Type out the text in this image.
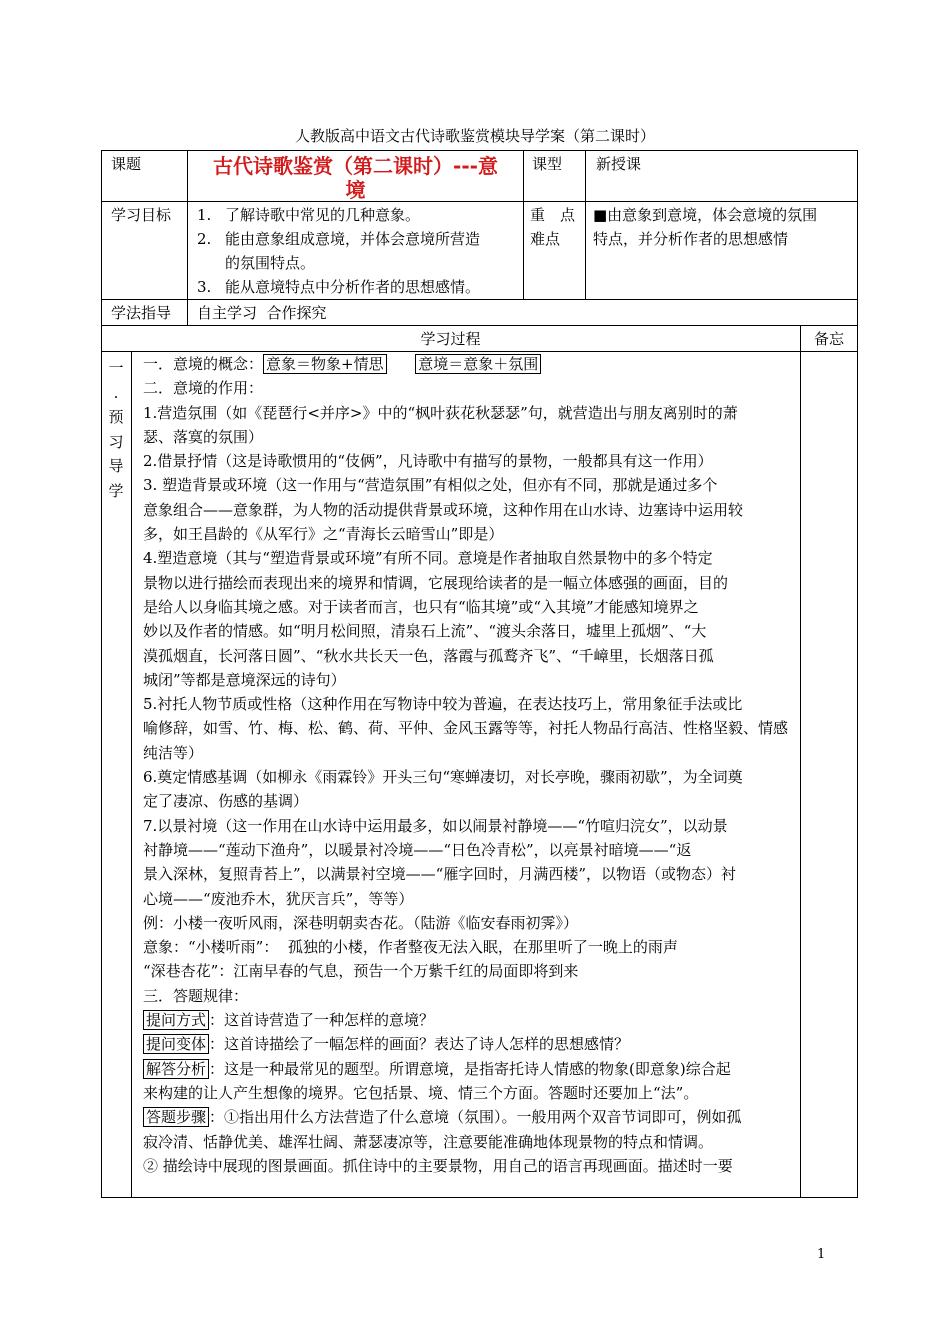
人教版高中语文古代诗歌鉴赏模块导学案（第二课时）
课题	古代诗歌鉴赏（第二课时）---意
境
课型 新授课
学习目标 1. 了解诗歌中常见的几种意象。
2. 能由意象组成意境，并体会意境所营造
的氛围特点。
3. 能从意境特点中分析作者的思想感情。
重　点
难点
■由意象到意境，体会意境的氛围
特点，并分析作者的思想感情
学法指导 自主学习  合作探究
学习过程	备忘
一
.
预
习
导
学

一．意境的概念： 意象＝物象+情思 意境＝意象＋氛围

二．意境的作用：

1.营造氛围（如《琵琶行<并序>》中的“枫叶荻花秋瑟瑟”句，就营造出与朋友离别时的萧

瑟、落寞的氛围）

2.借景抒情（这是诗歌惯用的“伎俩”，凡诗歌中有描写的景物，一般都具有这一作用）

3. 塑造背景或环境（这一作用与“营造氛围”有相似之处，但亦有不同，那就是通过多个

意象组合——意象群，为人物的活动提供背景或环境，这种作用在山水诗、边塞诗中运用较

多，如王昌龄的《从军行》之“青海长云暗雪山”即是）

4.塑造意境（其与“塑造背景或环境”有所不同。意境是作者抽取自然景物中的多个特定

景物以进行描绘而表现出来的境界和情调，它展现给读者的是一幅立体感强的画面，目的

是给人以身临其境之感。对于读者而言，也只有“临其境”或“入其境”才能感知境界之

妙以及作者的情感。如“明月松间照，清泉石上流”、“渡头余落日，墟里上孤烟”、“大

漠孤烟直，长河落日圆”、“秋水共长天一色，落霞与孤鹜齐飞”、“千嶂里，长烟落日孤

城闭”等都是意境深远的诗句）

5.衬托人物节质或性格（这种作用在写物诗中较为普遍，在表达技巧上，常用象征手法或比

喻修辞，如雪、竹、梅、松、鹤、荷、平仲、金风玉露等等，衬托人物品行高洁、性格坚毅、情感

纯洁等）

6.奠定情感基调（如柳永《雨霖铃》开头三句“寒蝉凄切，对长亭晚，骤雨初歇”，为全词奠

定了凄凉、伤感的基调）

7.以景衬境（这一作用在山水诗中运用最多，如以闹景衬静境——“竹喧归浣女”，以动景

衬静境——“莲动下渔舟”，以暖景衬冷境——“日色冷青松”，以亮景衬暗境——“返

景入深林，复照青苔上”，以满景衬空境——“雁字回时，月满西楼”，以物语（或物态）衬

心境——“废池乔木，犹厌言兵”，等等）

例：小楼一夜听风雨，深巷明朝卖杏花。（陆游《临安春雨初霁》）

意象：“小楼听雨”：  孤独的小楼，作者整夜无法入眠，在那里听了一晚上的雨声

“深巷杏花”：江南早春的气息，预告一个万紫千红的局面即将到来

三．答题规律：

提问方式 ：这首诗营造了一种怎样的意境？

提问变体 ：这首诗描绘了一幅怎样的画面？表达了诗人怎样的思想感情？

解答分析 ：这是一种最常见的题型。所谓意境，是指寄托诗人情感的物象(即意象)综合起

来构建的让人产生想像的境界。它包括景、境、情三个方面。答题时还要加上“法”。

答题步骤 ：①指出用什么方法营造了什么意境（氛围）。一般用两个双音节词即可，例如孤

寂冷清、恬静优美、雄浑壮阔、萧瑟凄凉等，注意要能准确地体现景物的特点和情调。

② 描绘诗中展现的图景画面。抓住诗中的主要景物，用自己的语言再现画面。描述时一要

1
